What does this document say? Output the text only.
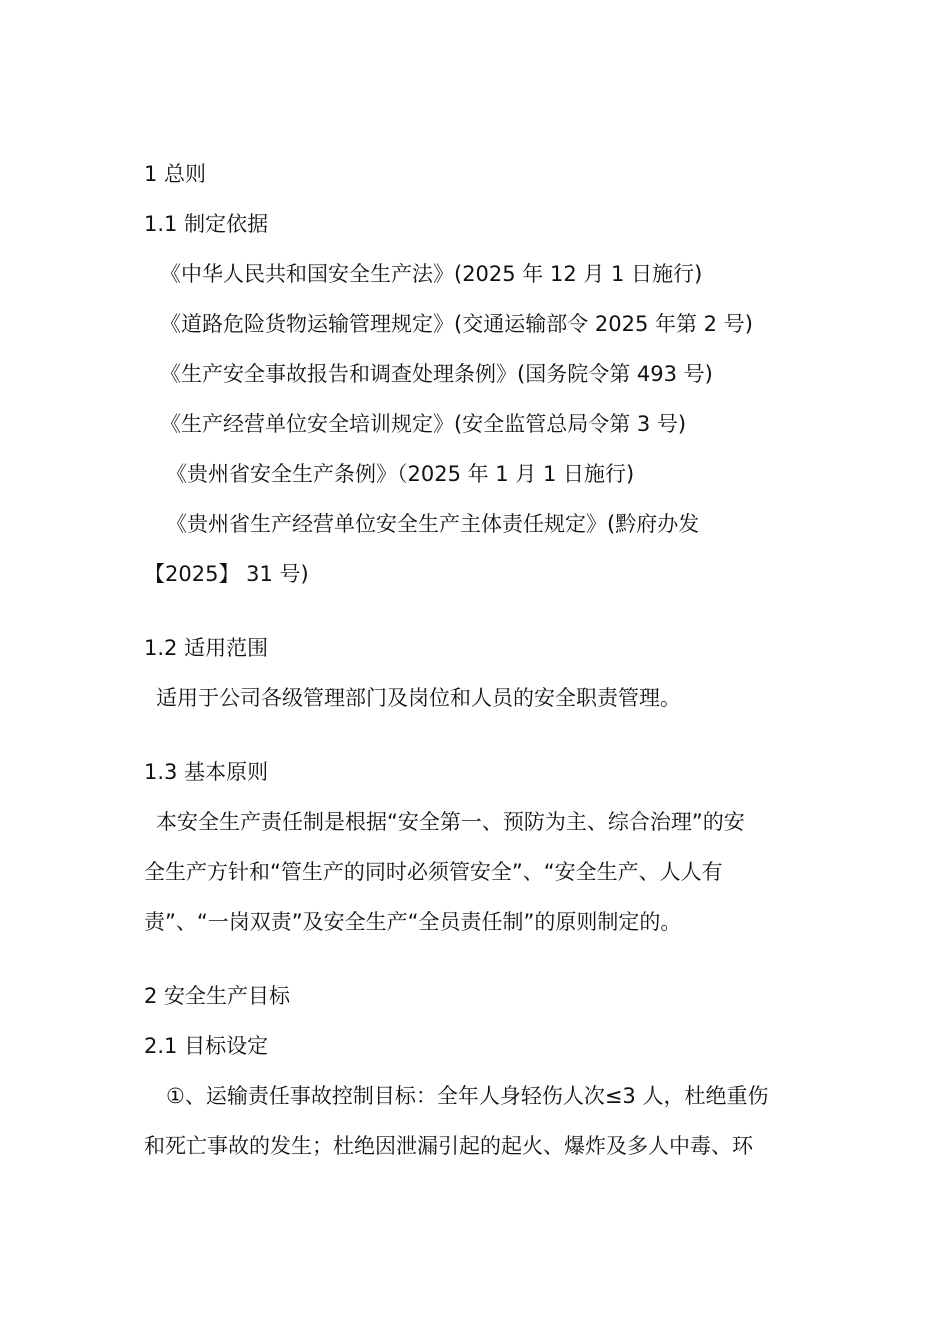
1 总则
1.1 制定依据
《中华人民共和国安全生产法》(2025 年 12 月 1 日施行)
《道路危险货物运输管理规定》(交通运输部令 2025 年第 2 号)
《生产安全事故报告和调查处理条例》(国务院令第 493 号)
《生产经营单位安全培训规定》(安全监管总局令第 3 号)
《贵州省安全生产条例》（2025 年 1 月 1 日施行)
《贵州省生产经营单位安全生产主体责任规定》(黔府办发
【2025】 31 号)
1.2 适用范围
适用于公司各级管理部门及岗位和人员的安全职责管理。
1.3 基本原则
本安全生产责任制是根据“安全第一、预防为主、综合治理”的安
全生产方针和“管生产的同时必须管安全”、“安全生产、人人有
责”、“一岗双责”及安全生产“全员责任制”的原则制定的。
2 安全生产目标
2.1 目标设定
①、运输责任事故控制目标：全年人身轻伤人次≤3 人，杜绝重伤
和死亡事故的发生；杜绝因泄漏引起的起火、爆炸及多人中毒、环
